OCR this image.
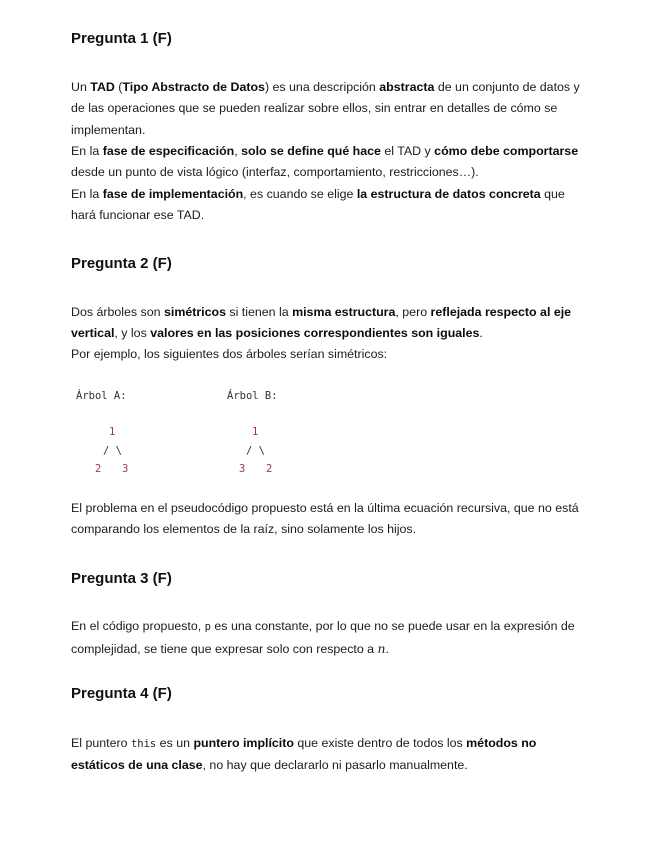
Pregunta 1 (F)

Un TAD (Tipo Abstracto de Datos) es una descripción abstracta de un conjunto de datos y de las operaciones que se pueden realizar sobre ellos, sin entrar en detalles de cómo se implementan.

En la fase de especificación, solo se define qué hace el TAD y cómo debe comportarse desde un punto de vista lógico (interfaz, comportamiento, restricciones…).

En la fase de implementación, es cuando se elige la estructura de datos concreta que hará funcionar ese TAD.

Pregunta 2 (F)

Dos árboles son simétricos si tienen la misma estructura, pero reflejada respecto al eje vertical, y los valores en las posiciones correspondientes son iguales.

Por ejemplo, los siguientes dos árboles serían simétricos:

Árbol A:
1
/ \
2 3
Árbol B:
1
/ \
3 2

El problema en el pseudocódigo propuesto está en la última ecuación recursiva, que no está comparando los elementos de la raíz, sino solamente los hijos.

Pregunta 3 (F)

En el código propuesto, p es una constante, por lo que no se puede usar en la expresión de complejidad, se tiene que expresar solo con respecto a n.

Pregunta 4 (F)

El puntero this es un puntero implícito que existe dentro de todos los métodos no estáticos de una clase, no hay que declararlo ni pasarlo manualmente.
